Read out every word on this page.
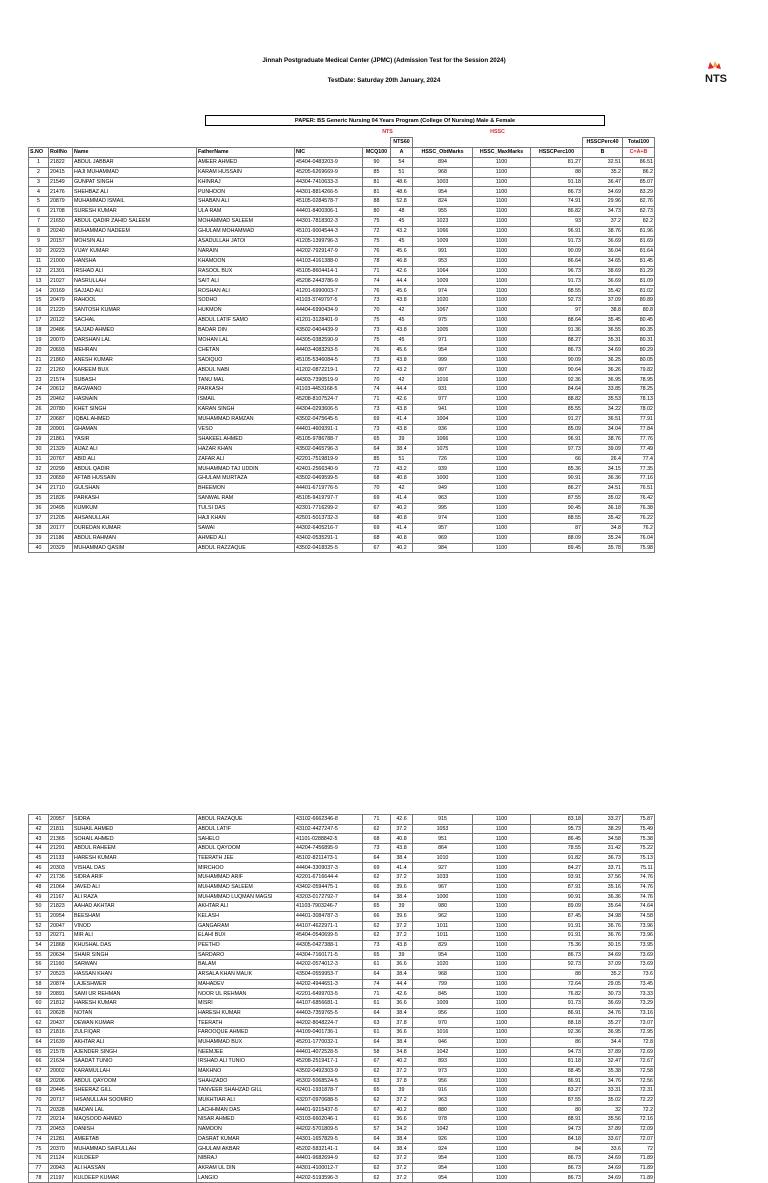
Jinnah Postgraduate Medical Center (JPMC) (Admission Test for the Session 2024)
TestDate: Saturday 20th January, 2024	NTS
PAPER: BS Generic Nursing 04 Years Program (College Of Nursing) Male & Female
					NTS		HSSC				
						NTS60				HSSCPerc40	Total100
S.NO	RollNo	Name	FatherName	NIC	MCQ100	A	HSSC_ObtMarks	HSSC_MaxMarks	HSSCPerc100	B	C=A+B
1	21822	ABDUL JABBAR	AMEER AHMED	45404-0483203-9	90	54	894	1100	81.27	32.51	86.51
2	20415	HAJI MUHAMMAD	KARAM HUSSAIN	45205-6269669-9	85	51	968	1100	88	35.2	86.2
3	21549	GUNPAT SINGH	KHINRAJ	44304-7410633-3	81	48.6	1003	1100	91.18	36.47	85.07
4	21476	SHEHBAZ ALI	PUNHOON	44301-8814266-5	81	48.6	954	1100	86.73	34.69	83.29
5	20879	MUHAMMAD ISMAIL	SHABAN ALI	45105-0284578-7	88	52.8	824	1100	74.91	29.96	82.76
6	21708	SURESH KUMAR	ULA RAM	44401-8400306-1	80	48	955	1100	86.82	34.73	82.73
7	21650	ABDUL QADIR ZAHID SALEEM	MOHAMMAD SALEEM	44301-7818302-3	75	45	1023	1100	93	37.2	82.2
8	20240	MUHAMMAD NADEEM	GHULAM MOHAMMAD	45101-9004544-3	72	43.2	1066	1100	96.91	38.76	81.96
9	20157	MOHSIN ALI	ASADULLAH JATOI	41205-1399796-3	75	45	1009	1100	91.73	36.69	81.69
10	20223	VIJAY KUMAR	NARAIN	44202-7929147-9	76	45.6	991	1100	90.09	36.04	81.64
11	21000	HANSHA	KHAMOON	44103-4161388-0	78	46.8	953	1100	86.64	34.65	81.45
12	21301	IRSHAD ALI	RASOOL BUX	45105-8604414-1	71	42.6	1064	1100	96.73	38.69	81.29
13	21027	NASRULLAH	SAIT ALI	45208-2443786-9	74	44.4	1009	1100	91.73	36.69	81.09
14	20169	SAJJAD ALI	ROSHAN ALI	41201-6990003-7	76	45.6	974	1100	88.55	35.42	81.02
15	20479	RAHOOL	SODHO	41103-3749797-5	73	43.8	1020	1100	92.73	37.09	80.89
16	21220	SANTOSH KUMAR	HUKMON	44404-6990434-9	70	42	1067	1100	97	38.8	80.8
17	20122	SACHAL	ABDUL LATIF SAMO	41201-3128401-9	75	45	975	1100	88.64	35.45	80.45
18	20486	SAJJAD AHMED	BADAR DIN	43502-0404439-9	73	43.8	1005	1100	91.36	36.55	80.35
19	20070	DARSHAN LAL	MOHAN LAL	44305-0382590-9	75	45	971	1100	88.27	35.31	80.31
20	20693	MEHRAN	CHETAN	44403-4083293-5	76	45.6	954	1100	86.73	34.69	80.29
21	21860	ANESH KUMAR	SADIQUO	45105-5346084-5	73	43.8	999	1100	90.09	36.25	80.05
22	21260	KAREEM BUX	ABDUL NABI	41202-0872219-1	72	43.2	997	1100	90.64	36.26	79.82
23	21574	SUBASH	TANU MAL	44303-7390519-9	70	42	1016	1100	92.36	36.95	78.95
24	20612	BAGWANO	PARKASH	41103-4453168-5	74	44.4	931	1100	84.64	33.85	78.25
25	20462	HASNAIN	ISMAIL	45208-8107524-7	71	42.6	977	1100	88.82	35.53	78.13
26	20780	KHET SINGH	KARAN SINGH	44304-0293606-5	73	43.8	941	1100	85.55	34.22	78.02
27	20687	IQBAL AHMED	MUHAMMAD RAMZAN	43502-0475645-5	69	41.4	1004	1100	91.27	36.51	77.91
28	20901	GHAMAN	VESO	44401-4609391-1	73	43.8	936	1100	85.09	34.04	77.84
29	21861	YASIR	SHAKEEL AHMED	45105-9786788-7	65	39	1066	1100	96.91	38.76	77.76
30	21329	AIJAZ ALI	HAZAR KHAN	43502-0465796-3	64	38.4	1075	1100	97.73	39.09	77.49
31	20767	ABID ALI	ZAFAR ALI	42201-7519819-9	85	51	726	1100	66	26.4	77.4
32	20299	ABDUL QADIR	MUHAMMAD TAJ UDDIN	42401-2566340-9	72	43.2	939	1100	85.36	34.15	77.35
33	20659	AFTAB HUSSAIN	GHULAM MURTAZA	43502-0469599-5	68	40.8	1000	1100	90.91	36.36	77.16
34	21710	GULSHAN	BHEEMON	44401-6719776-5	70	42	949	1100	86.27	34.51	76.51
35	21826	PARKASH	SANWAL RAM	45105-9419797-7	69	41.4	963	1100	87.55	35.02	76.42
36	20495	KUMKUM	TULSI DAS	42301-7716299-2	67	40.2	995	1100	90.45	36.18	76.38
37	21205	AHSANULLAH	HAJI KHAN	42501-5013732-3	68	40.8	974	1100	88.55	35.42	76.22
38	20177	DUREDAN KUMAR	SAWAI	44302-6405216-7	69	41.4	957	1100	87	34.8	76.2
39	21186	ABDUL RAHMAN	AHMED ALI	43402-0535291-1	68	40.8	969	1100	88.09	35.24	76.04
40	20329	MUHAMMAD QASIM	ABDUL RAZZAQUE	43502-0418325-5	67	40.2	984	1100	89.45	35.78	75.98
41	20957	SIDRA	ABDUL RAZAQUE	43102-6662346-8	71	42.6	915	1100	83.18	33.27	75.87
42	21811	SUHAIL AHMED	ABDUL LATIF	43102-4427247-5	62	37.2	1053	1100	95.73	38.29	75.49
43	21365	SOHAIL AHMED	SAHELO	41101-0288842-5	68	40.8	951	1100	86.45	34.58	75.38
44	21291	ABDUL RAHEEM	ABDUL QAYOOM	44204-7456895-9	73	43.8	864	1100	78.55	31.42	75.22
45	21133	HARESH KUMAR	TEERATH JEE	45102-8211473-1	64	38.4	1010	1100	91.82	36.73	75.13
46	20303	VISHAL DAS	MIRCHOO	44404-3309037-3	69	41.4	927	1100	84.27	33.71	75.11
47	21736	SIDRA ARIF	MUHAMMAD ARIF	42201-6716644-4	62	37.2	1033	1100	93.91	37.56	74.76
48	21064	JAVED ALI	MUHAMMAD SALEEM	43402-0594475-1	66	39.6	967	1100	87.91	35.16	74.76
49	21167	ALI RAZA	MUHAMMAD LUQMAN MAGSI	43203-0172792-7	64	38.4	1000	1100	90.91	36.36	74.76
50	21823	AAHAD AKHTAR	AKHTAR ALI	41103-7903246-7	65	39	980	1100	89.09	35.64	74.64
51	20954	BEESHAM	KELASH	44401-3084787-3	66	39.6	962	1100	87.45	34.98	74.58
52	20047	VINOD	GANGARAM	44107-4622971-1	62	37.2	1011	1100	91.91	36.76	73.96
53	20271	MIR ALI	ELAHI BUX	45404-0540699-5	62	37.2	1011	1100	91.91	36.76	73.96
54	21868	KHUSHAL DAS	PEETHO	44305-0427388-1	73	43.8	829	1100	75.36	30.15	73.95
55	20634	SHAIR SINGH	SARDARO	44304-7160171-5	65	39	954	1100	86.73	34.69	73.69
56	21160	SARWAN	BALAM	44202-0574012-3	61	36.6	1020	1100	92.73	37.09	73.69
57	20523	HASSAN KHAN	ARSALA KHAN MALIK	43504-0559953-7	64	38.4	968	1100	88	35.2	73.6
58	20874	LAJESHWER	MAHADEV	44202-4944651-3	74	44.4	799	1100	72.64	29.05	73.45
59	20891	SAMI UR REHMAN	NOOR UL REHMAN	42201-6499703-5	71	42.6	845	1100	76.82	30.73	73.33
60	21812	HARESH KUMAR	MISRI	44107-6856681-1	61	36.6	1009	1100	91.73	36.69	73.29
61	20628	NOTAN	HARESH KUMAR	44403-7359765-5	64	38.4	956	1100	86.91	34.76	73.16
62	20437	DEWAN KUMAR	TEERATH	44202-8048224-7	63	37.8	970	1100	88.18	35.27	73.07
63	21816	ZULFIQAR	FAROOQUE AHMED	44109-0401736-1	61	36.6	1016	1100	92.36	36.95	72.95
64	21639	AKHTAR ALI	MUHAMMAD BUX	45201-1770032-1	64	38.4	946	1100	86	34.4	72.8
65	21578	AJENDER SINGH	NEEMJEE	44401-4072528-5	58	34.8	1042	1100	94.73	37.89	72.69
66	21634	SAADAT TUNIO	IRSHAD ALI TUNIO	45208-2519417-1	67	40.2	893	1100	81.18	32.47	72.67
67	20002	KARAMULLAH	MAKHNO	43502-0492303-9	62	37.2	973	1100	88.45	35.38	72.58
68	20206	ABDUL QAYOOM	SHAHZADO	45302-5068524-5	63	37.8	956	1100	86.91	34.76	72.56
69	20445	SHEERAZ GILL	TANVEER SHAHZAD GILL	42401-1931878-7	65	39	916	1100	83.27	33.31	72.31
70	20717	IHSANULLAH SOOMRO	MUKHTIAR ALI	43207-0970688-5	62	37.2	963	1100	87.55	35.02	72.22
71	20328	MADAN LAL	LACHHMAN DAS	44401-9215437-5	67	40.2	880	1100	80	32	72.2
72	20214	MAQSOOD AHMED	NISAR AHMED	43103-6602046-1	61	36.6	978	1100	88.91	35.56	72.16
73	20453	DANISH	NAMOON	44202-5701809-5	57	34.2	1042	1100	94.73	37.89	72.09
74	21281	AMEETAB	DASRAT KUMAR	44301-1657829-5	64	38.4	926	1100	84.18	33.67	72.07
75	20370	MUHAMMAD SAIFULLAH	GHULAM AKBAR	45202-5832141-1	64	38.4	924	1100	84	33.6	72
76	21124	KULDEEP	NIBRAJ	44401-9682694-9	62	37.2	954	1100	86.73	34.69	71.89
77	20943	ALI HASSAN	AKRAM UL DIN	44301-4100012-7	62	37.2	954	1100	86.73	34.69	71.89
78	21197	KULDEEP KUMAR	LANGIO	44202-5193596-3	62	37.2	954	1100	86.73	34.69	71.89
